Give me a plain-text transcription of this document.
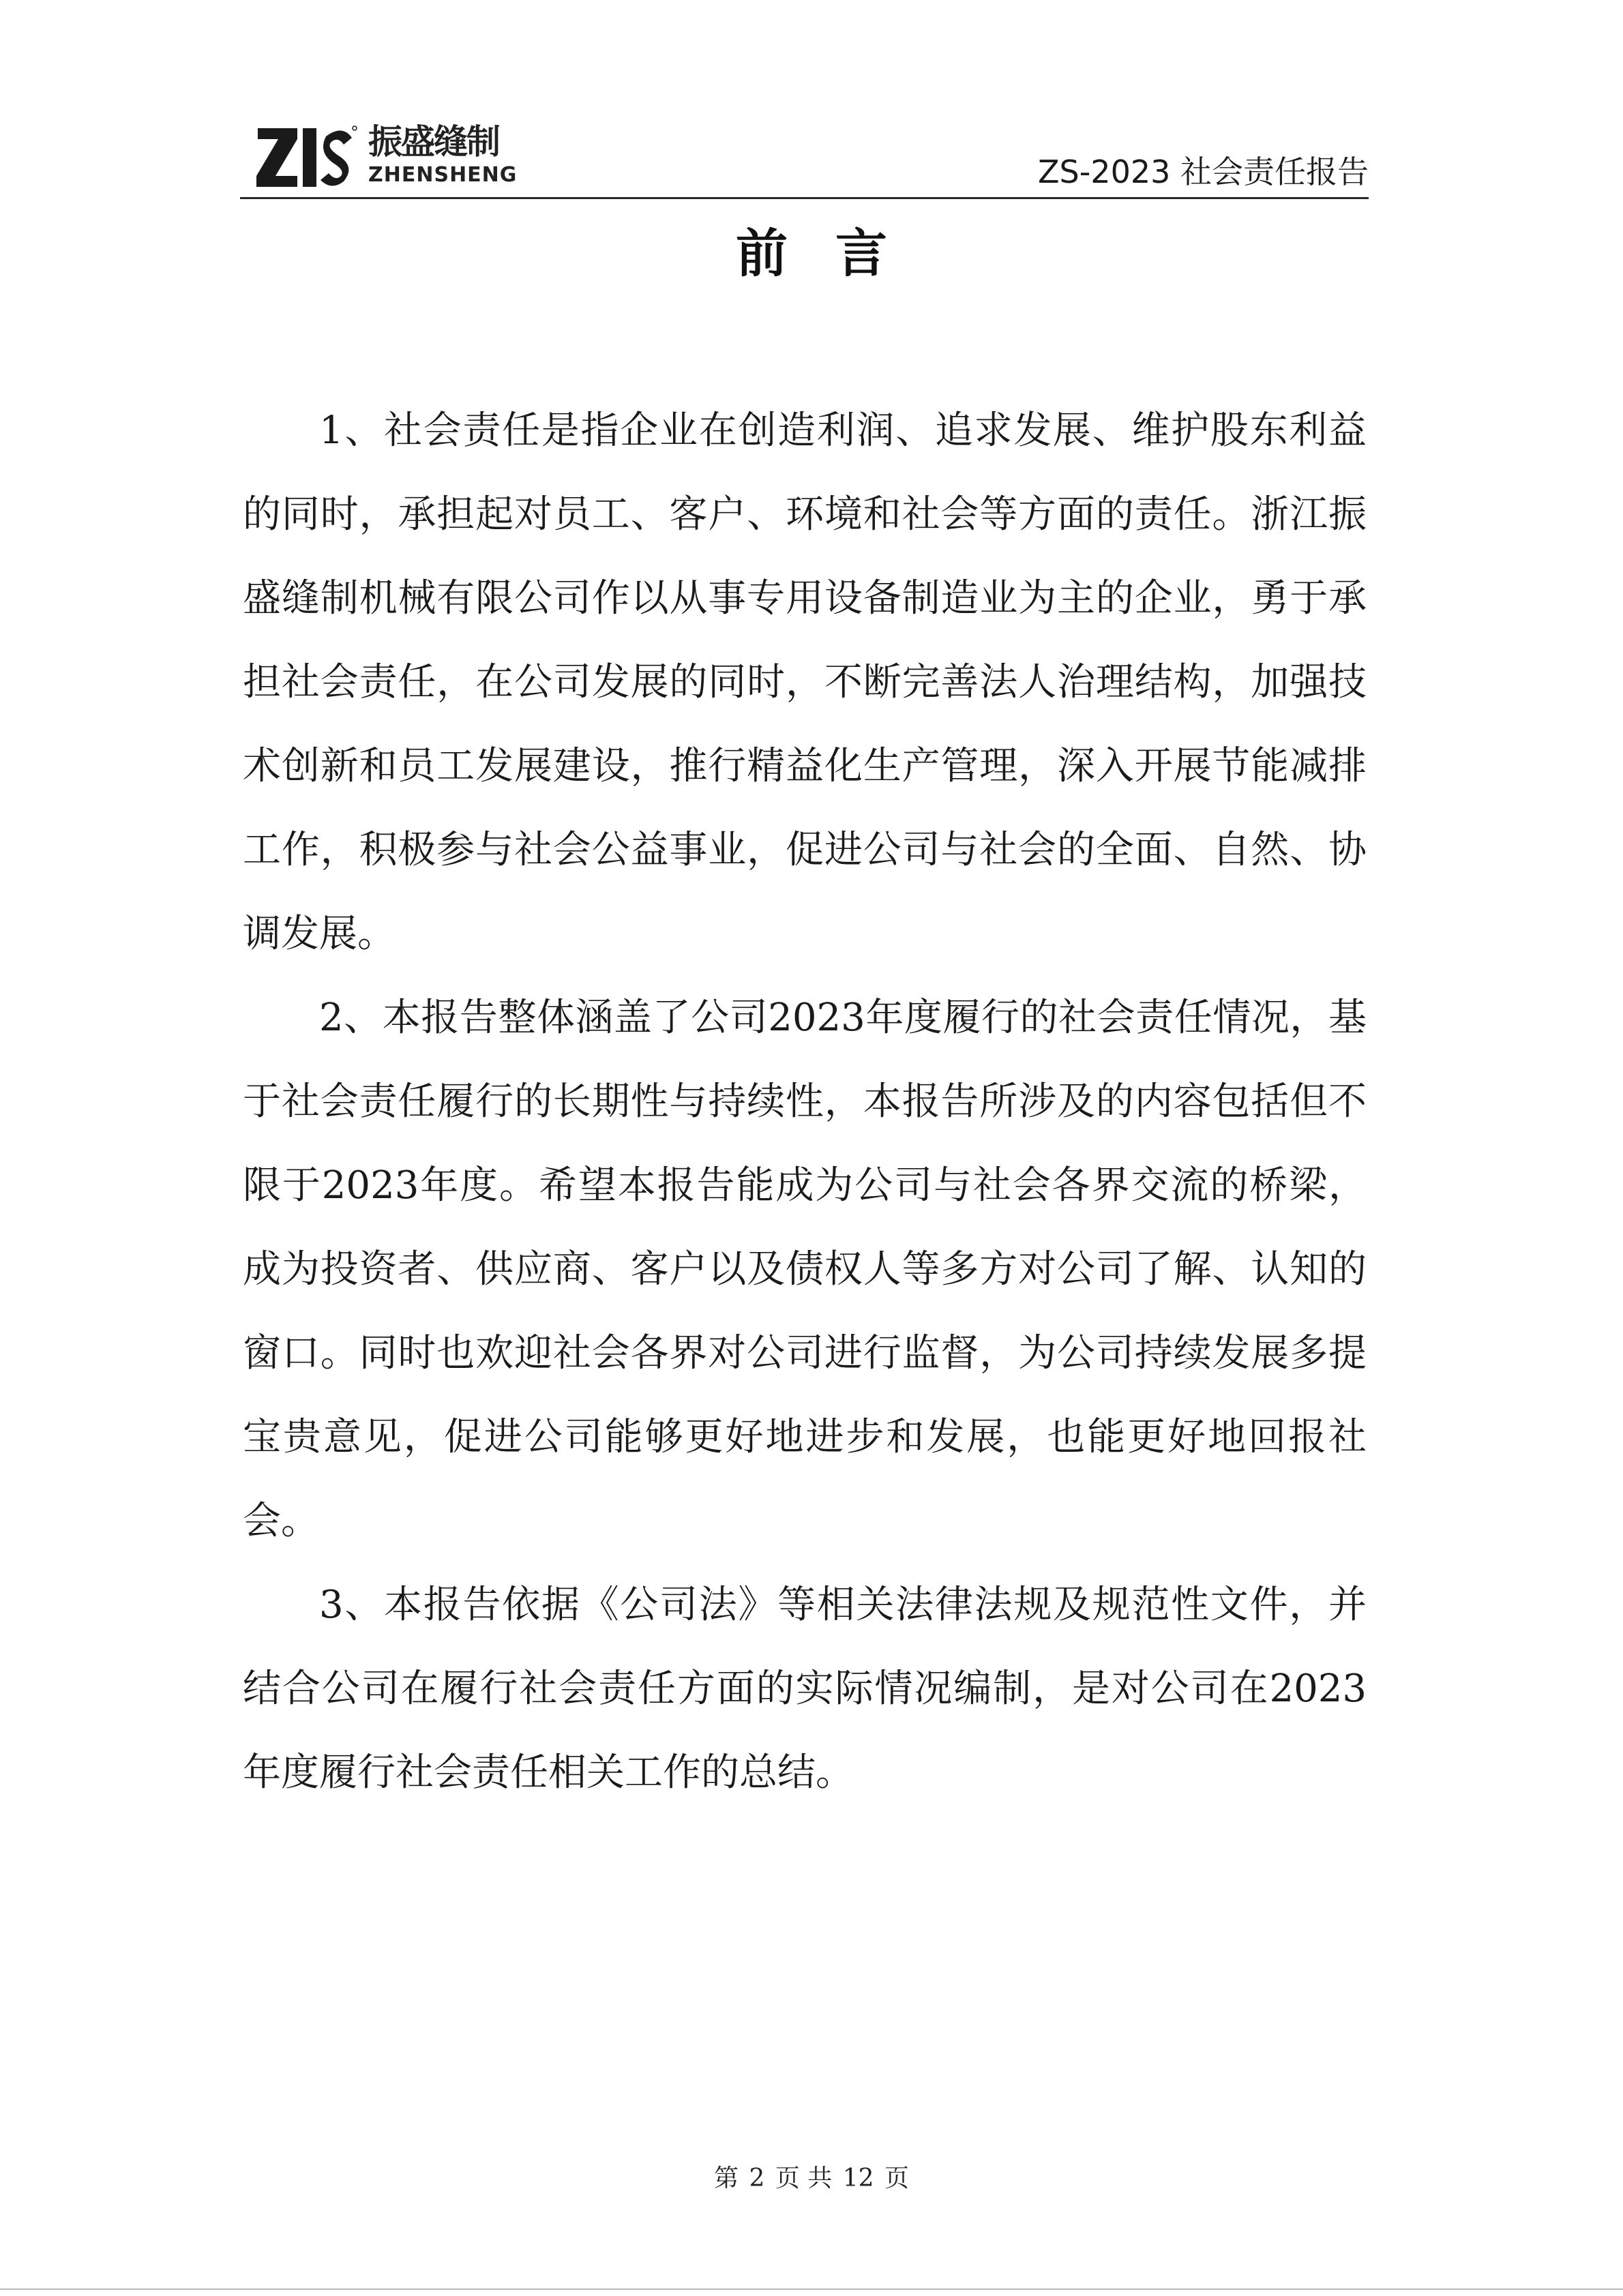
振盛缝制
ZHENSHENG	ZS-2023 社会责任报告
前言

1、社会责任是指企业在创造利润、追求发展、维护股东利益的同时，承担起对员工、客户、环境和社会等方面的责任。浙江振盛缝制机械有限公司作以从事专用设备制造业为主的企业，勇于承担社会责任，在公司发展的同时，不断完善法人治理结构，加强技术创新和员工发展建设，推行精益化生产管理，深入开展节能减排工作，积极参与社会公益事业，促进公司与社会的全面、自然、协调发展。

2、本报告整体涵盖了公司2023年度履行的社会责任情况，基于社会责任履行的长期性与持续性，本报告所涉及的内容包括但不限于2023年度。希望本报告能成为公司与社会各界交流的桥梁，成为投资者、供应商、客户以及债权人等多方对公司了解、认知的窗口。同时也欢迎社会各界对公司进行监督，为公司持续发展多提宝贵意见，促进公司能够更好地进步和发展，也能更好地回报社会。

3、本报告依据《公司法》等相关法律法规及规范性文件，并结合公司在履行社会责任方面的实际情况编制，是对公司在2023年度履行社会责任相关工作的总结。

第 2 页 共 12 页
